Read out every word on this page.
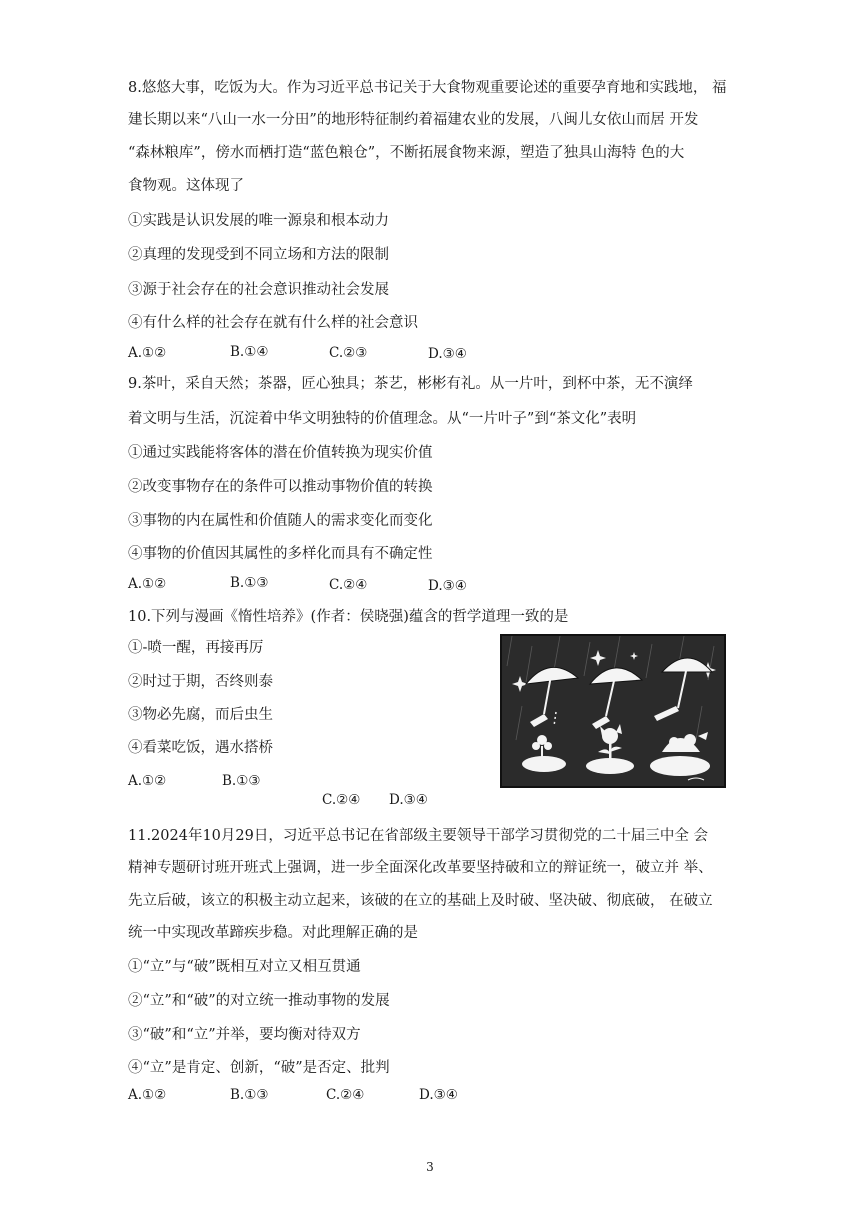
8.悠悠大事，吃饭为大。作为习近平总书记关于大食物观重要论述的重要孕育地和实践地， 福
建长期以来“八山一水一分田”的地形特征制约着福建农业的发展，八闽儿女依山而居 开发
“森林粮库”，傍水而栖打造“蓝色粮仓”，不断拓展食物来源，塑造了独具山海特 色的大
食物观。这体现了
①实践是认识发展的唯一源泉和根本动力
②真理的发现受到不同立场和方法的限制
③源于社会存在的社会意识推动社会发展
④有什么样的社会存在就有什么样的社会意识
A.①②	B.①④	C.②③	D.③④
9.茶叶，采自天然；茶器，匠心独具；茶艺，彬彬有礼。从一片叶，到杯中茶，无不演绎
着文明与生活，沉淀着中华文明独特的价值理念。从“一片叶子”到“茶文化”表明
①通过实践能将客体的潜在价值转换为现实价值
②改变事物存在的条件可以推动事物价值的转换
③事物的内在属性和价值随人的需求变化而变化
④事物的价值因其属性的多样化而具有不确定性
A.①②	B.①③	C.②④	D.③④
10.下列与漫画《惰性培养》(作者：侯晓强)蕴含的哲学道理一致的是
①-喷一醒，再接再厉
②时过于期，否终则泰
③物必先腐，而后虫生
④看菜吃饭，遇水搭桥
A.①②	B.①③
C.②④ D.③④
11.2024年10月29日，习近平总书记在省部级主要领导干部学习贯彻党的二十届三中全 会
精神专题研讨班开班式上强调，进一步全面深化改革要坚持破和立的辩证统一，破立并 举、
先立后破，该立的积极主动立起来，该破的在立的基础上及时破、坚决破、彻底破， 在破立
统一中实现改革蹄疾步稳。对此理解正确的是
①“立”与“破”既相互对立又相互贯通
②“立”和“破”的对立统一推动事物的发展
③“破”和“立”并举，要均衡对待双方
④“立”是肯定、创新，“破”是否定、批判
A.①②	B.①③	C.②④	D.③④
3
